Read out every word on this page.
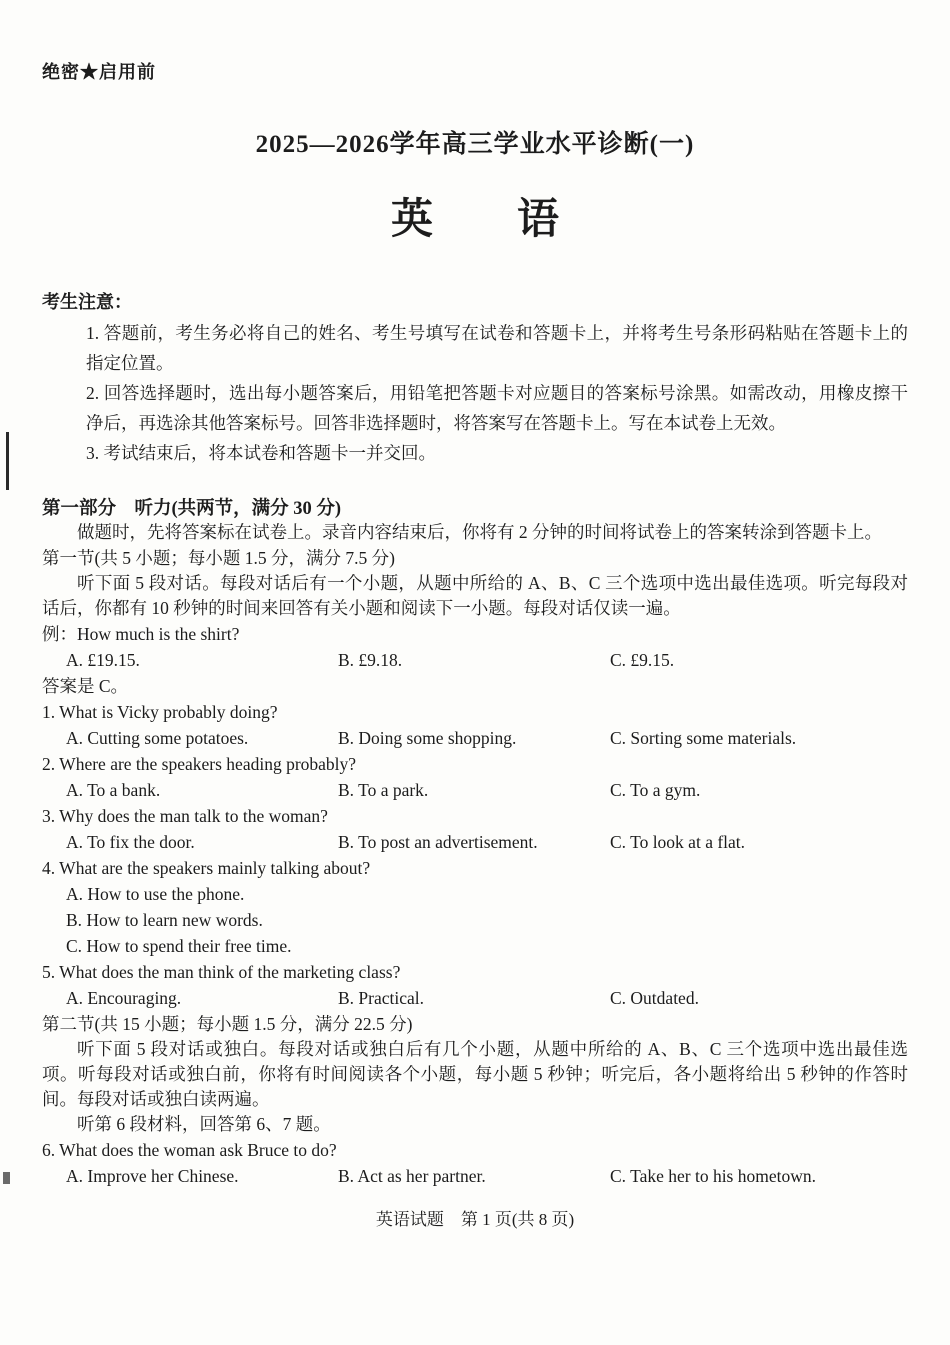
绝密★启用前
2025—2026学年高三学业水平诊断(一)
英　　语
考生注意：
1. 答题前，考生务必将自己的姓名、考生号填写在试卷和答题卡上，并将考生号条形码粘贴在答题卡上的指定位置。
2. 回答选择题时，选出每小题答案后，用铅笔把答题卡对应题目的答案标号涂黑。如需改动，用橡皮擦干净后，再选涂其他答案标号。回答非选择题时，将答案写在答题卡上。写在本试卷上无效。
3. 考试结束后，将本试卷和答题卡一并交回。
第一部分　听力(共两节，满分 30 分)
做题时，先将答案标在试卷上。录音内容结束后，你将有 2 分钟的时间将试卷上的答案转涂到答题卡上。
第一节(共 5 小题；每小题 1.5 分，满分 7.5 分)
听下面 5 段对话。每段对话后有一个小题，从题中所给的 A、B、C 三个选项中选出最佳选项。听完每段对话后，你都有 10 秒钟的时间来回答有关小题和阅读下一小题。每段对话仅读一遍。
例：How much is the shirt?
A. £19.15.	B. £9.18.	C. £9.15.
答案是 C。
1. What is Vicky probably doing?
A. Cutting some potatoes.	B. Doing some shopping.	C. Sorting some materials.
2. Where are the speakers heading probably?
A. To a bank.	B. To a park.	C. To a gym.
3. Why does the man talk to the woman?
A. To fix the door.	B. To post an advertisement.	C. To look at a flat.
4. What are the speakers mainly talking about?
A. How to use the phone.
B. How to learn new words.
C. How to spend their free time.
5. What does the man think of the marketing class?
A. Encouraging.	B. Practical.	C. Outdated.
第二节(共 15 小题；每小题 1.5 分，满分 22.5 分)
听下面 5 段对话或独白。每段对话或独白后有几个小题，从题中所给的 A、B、C 三个选项中选出最佳选项。听每段对话或独白前，你将有时间阅读各个小题，每小题 5 秒钟；听完后，各小题将给出 5 秒钟的作答时间。每段对话或独白读两遍。
听第 6 段材料，回答第 6、7 题。
6. What does the woman ask Bruce to do?
A. Improve her Chinese.	B. Act as her partner.	C. Take her to his hometown.
英语试题　第 1 页(共 8 页)
